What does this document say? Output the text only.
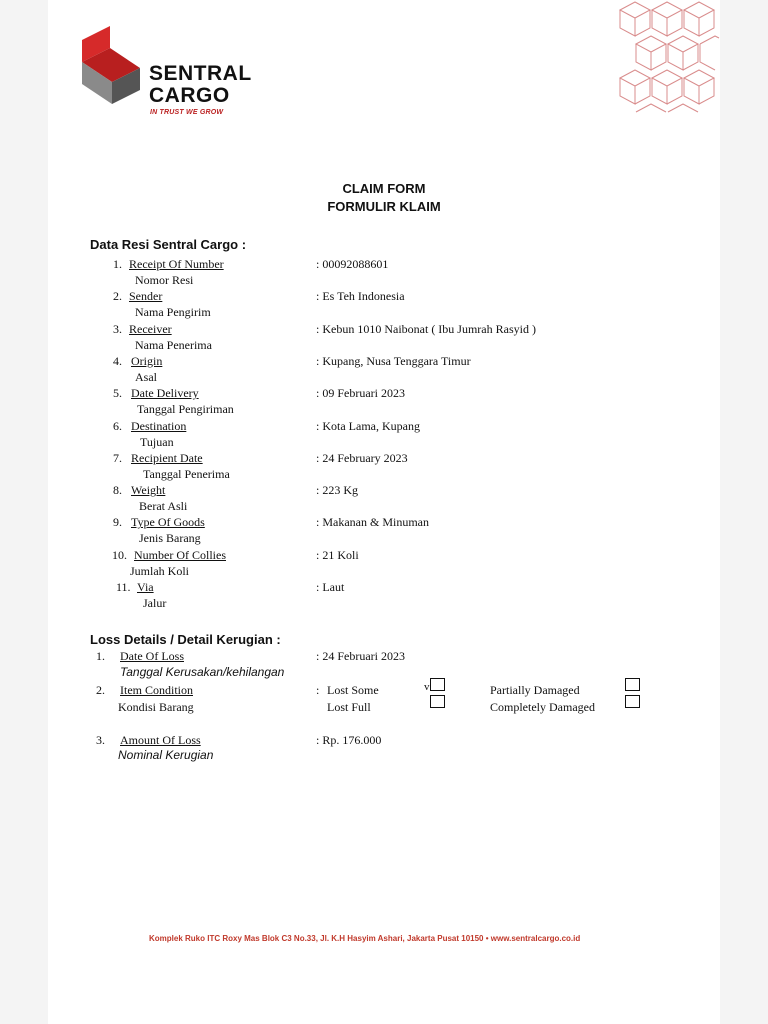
SENTRAL
CARGO
IN TRUST WE GROW
CLAIM FORM
FORMULIR KLAIM
Data Resi Sentral Cargo :
1. Receipt Of Number
Nomor Resi
: 00092088601
2. Sender
Nama Pengirim
: Es Teh Indonesia
3. Receiver
Nama Penerima
: Kebun 1010 Naibonat ( Ibu Jumrah Rasyid )
4. Origin
Asal
: Kupang, Nusa Tenggara Timur
5. Date Delivery
Tanggal Pengiriman
: 09 Februari 2023
6. Destination
Tujuan
: Kota Lama, Kupang
7. Recipient Date
Tanggal Penerima
: 24 February 2023
8. Weight
Berat Asli
: 223 Kg
9. Type Of Goods
Jenis Barang
: Makanan & Minuman
10. Number Of Collies
Jumlah Koli
: 21 Koli
11. Via
Jalur
: Laut
Loss Details / Detail Kerugian :
1. Date Of Loss
Tanggal Kerusakan/kehilangan
: 24 Februari 2023
2. Item Condition
Kondisi Barang
: Lost Some	v
Lost Full
Partially Damaged
Completely Damaged
3. Amount Of Loss
Nominal Kerugian
: Rp. 176.000
Komplek Ruko ITC Roxy Mas Blok C3 No.33, Jl. K.H Hasyim Ashari, Jakarta Pusat 10150 • www.sentralcargo.co.id
